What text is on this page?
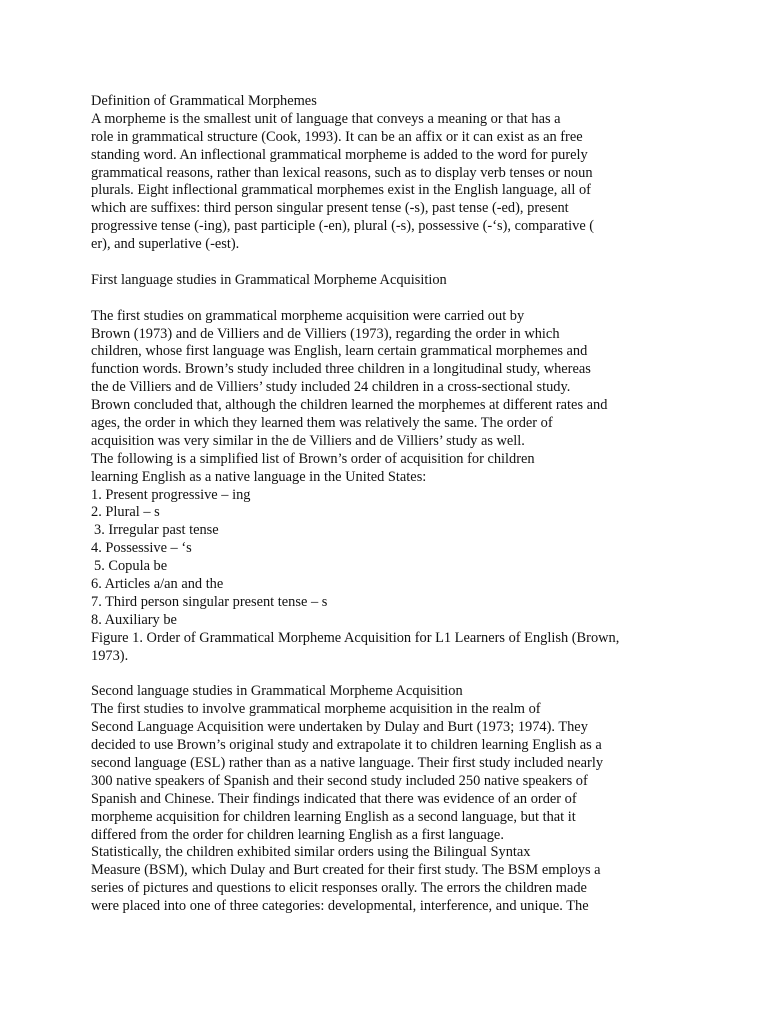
Definition of Grammatical Morphemes
A morpheme is the smallest unit of language that conveys a meaning or that has a
role in grammatical structure (Cook, 1993). It can be an affix or it can exist as an free
standing word. An inflectional grammatical morpheme is added to the word for purely
grammatical reasons, rather than lexical reasons, such as to display verb tenses or noun
plurals. Eight inflectional grammatical morphemes exist in the English language, all of
which are suffixes: third person singular present tense (-s), past tense (-ed), present
progressive tense (-ing), past participle (-en), plural (-s), possessive (-‘s), comparative (
er), and superlative (-est).
First language studies in Grammatical Morpheme Acquisition
The first studies on grammatical morpheme acquisition were carried out by
Brown (1973) and de Villiers and de Villiers (1973), regarding the order in which
children, whose first language was English, learn certain grammatical morphemes and
function words. Brown’s study included three children in a longitudinal study, whereas
the de Villiers and de Villiers’ study included 24 children in a cross-sectional study.
Brown concluded that, although the children learned the morphemes at different rates and
ages, the order in which they learned them was relatively the same. The order of
acquisition was very similar in the de Villiers and de Villiers’ study as well.
The following is a simplified list of Brown’s order of acquisition for children
learning English as a native language in the United States:
1. Present progressive – ing
2. Plural – s
3. Irregular past tense
4. Possessive – ‘s
5. Copula be
6. Articles a/an and the
7. Third person singular present tense – s
8. Auxiliary be
Figure 1. Order of Grammatical Morpheme Acquisition for L1 Learners of English (Brown,
1973).
Second language studies in Grammatical Morpheme Acquisition
The first studies to involve grammatical morpheme acquisition in the realm of
Second Language Acquisition were undertaken by Dulay and Burt (1973; 1974). They
decided to use Brown’s original study and extrapolate it to children learning English as a
second language (ESL) rather than as a native language. Their first study included nearly
300 native speakers of Spanish and their second study included 250 native speakers of
Spanish and Chinese. Their findings indicated that there was evidence of an order of
morpheme acquisition for children learning English as a second language, but that it
differed from the order for children learning English as a first language.
Statistically, the children exhibited similar orders using the Bilingual Syntax
Measure (BSM), which Dulay and Burt created for their first study. The BSM employs a
series of pictures and questions to elicit responses orally. The errors the children made
were placed into one of three categories: developmental, interference, and unique. The
